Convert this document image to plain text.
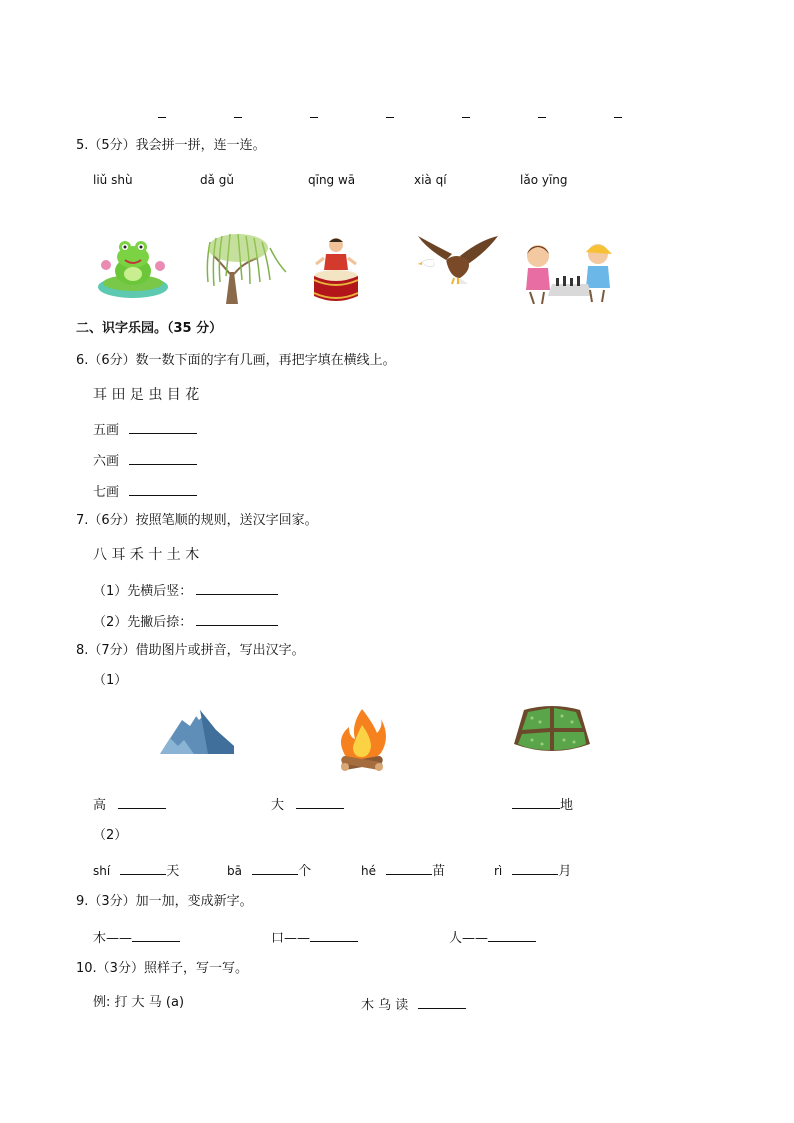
5.（5分）我会拼一拼，连一连。
liǔ shù	dǎ gǔ	qīng wā	xià qí	lǎo yīng
二、识字乐园。（35 分）
6.（6分）数一数下面的字有几画，再把字填在横线上。
耳 田 足 虫 目 花
五画
六画
七画
7.（6分）按照笔顺的规则，送汉字回家。
八 耳 禾 十 土 木
（1）先横后竖：
（2）先撇后捺：
8.（7分）借助图片或拼音，写出汉字。
（1）
高	大	地
（2）
shí	天	bā	个	hé	苗	rì	月
9.（3分）加一加，变成新字。
木——	口——	人——
10.（3分）照样子，写一写。
例: 打 大 马 (a)	木 乌 读
